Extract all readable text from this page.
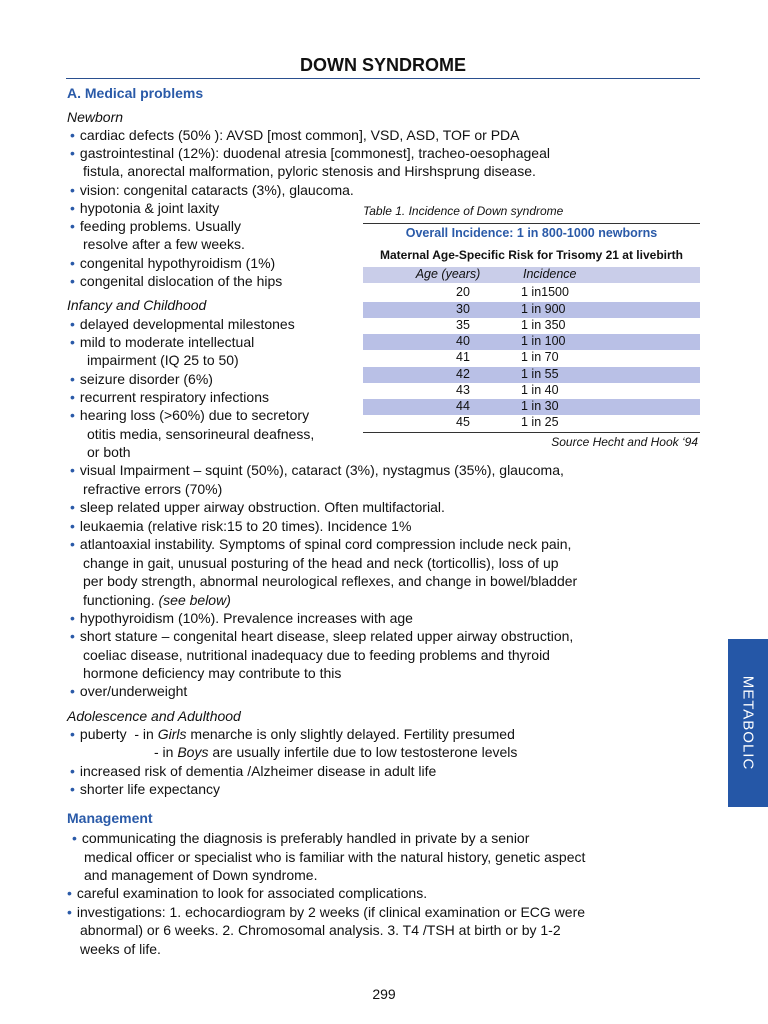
DOWN SYNDROME
A. Medical problems
Newborn
• cardiac defects (50% ): AVSD [most common], VSD, ASD, TOF or PDA
• gastrointestinal (12%): duodenal atresia [commonest], tracheo-oesophageal
fistula, anorectal malformation, pyloric stenosis and Hirshsprung disease.
• vision: congenital cataracts (3%), glaucoma.
• hypotonia & joint laxity
• feeding problems. Usually
resolve after a few weeks.
• congenital hypothyroidism (1%)
• congenital dislocation of the hips
Infancy and Childhood
• delayed developmental milestones
• mild to moderate intellectual
impairment (IQ 25 to 50)
• seizure disorder (6%)
• recurrent respiratory infections
• hearing loss (>60%) due to secretory
otitis media, sensorineural deafness,
or both
• visual Impairment – squint (50%), cataract (3%), nystagmus (35%), glaucoma,
refractive errors (70%)
• sleep related upper airway obstruction. Often multifactorial.
• leukaemia (relative risk:15 to 20 times). Incidence 1%
• atlantoaxial instability. Symptoms of spinal cord compression include neck pain,
change in gait, unusual posturing of the head and neck (torticollis), loss of up
per body strength, abnormal neurological reflexes, and change in bowel/bladder
functioning. (see below)
• hypothyroidism (10%). Prevalence increases with age
• short stature – congenital heart disease, sleep related upper airway obstruction,
coeliac disease, nutritional inadequacy due to feeding problems and thyroid
hormone deficiency may contribute to this
• over/underweight
Adolescence and Adulthood
• puberty  - in Girls menarche is only slightly delayed. Fertility presumed
- in Boys are usually infertile due to low testosterone levels
• increased risk of dementia /Alzheimer disease in adult life
• shorter life expectancy
Management
• communicating the diagnosis is preferably handled in private by a senior
medical officer or specialist who is familiar with the natural history, genetic aspect
and management of Down syndrome.
• careful examination to look for associated complications.
• investigations: 1. echocardiogram by 2 weeks (if clinical examination or ECG were
abnormal) or 6 weeks. 2. Chromosomal analysis. 3. T4 /TSH at birth or by 1-2
weeks of life.
Table 1. Incidence of Down syndrome
Overall Incidence: 1 in 800-1000 newborns
Maternal Age-Specific Risk for Trisomy 21 at livebirth
Age (years)	Incidence
20	1 in1500
30	1 in 900
35	1 in 350
40	1 in 100
41	1 in 70
42	1 in 55
43	1 in 40
44	1 in 30
45	1 in 25
Source Hecht and Hook ‘94
METABOLIC
299
